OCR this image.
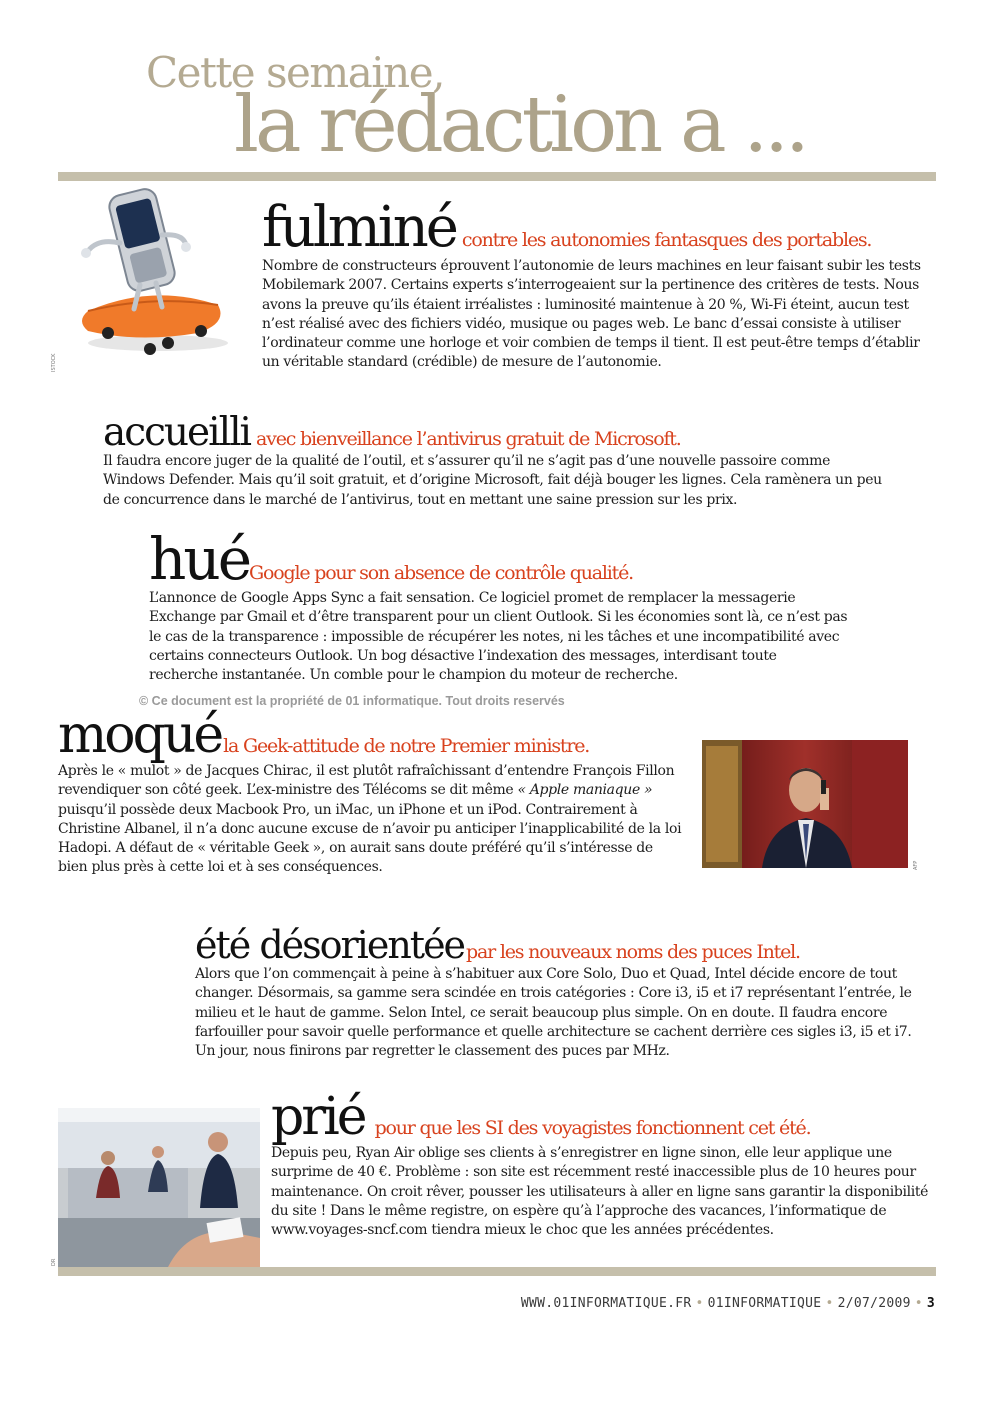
Cette semaine,
la rédaction a ...
ISTOCK
fulminé contre les autonomies fantasques des portables.

Nombre de constructeurs éprouvent l’autonomie de leurs machines en leur faisant subir les tests Mobilemark 2007. Certains experts s’interrogeaient sur la pertinence des critères de tests. Nous avons la preuve qu’ils étaient irréalistes : luminosité maintenue à 20 %, Wi-Fi éteint, aucun test n’est réalisé avec des fichiers vidéo, musique ou pages web. Le banc d’essai consiste à utiliser l’ordinateur comme une horloge et voir combien de temps il tient. Il est peut-être temps d’établir un véritable standard (crédible) de mesure de l’autonomie.

accueilli avec bienveillance l’antivirus gratuit de Microsoft.

Il faudra encore juger de la qualité de l’outil, et s’assurer qu’il ne s’agit pas d’une nouvelle passoire comme Windows Defender. Mais qu’il soit gratuit, et d’origine Microsoft, fait déjà bouger les lignes. Cela ramènera un peu de concurrence dans le marché de l’antivirus, tout en mettant une saine pression sur les prix.

huéGoogle pour son absence de contrôle qualité.

L’annonce de Google Apps Sync a fait sensation. Ce logiciel promet de remplacer la messagerie Exchange par Gmail et d’être transparent pour un client Outlook. Si les économies sont là, ce n’est pas le cas de la transparence : impossible de récupérer les notes, ni les tâches et une incompatibilité avec certains connecteurs Outlook. Un bog désactive l’indexation des messages, interdisant toute recherche instantanée. Un comble pour le champion du moteur de recherche.

© Ce document est la propriété de 01 informatique. Tout droits reservés
moqué la Geek-attitude de notre Premier ministre.

Après le « mulot » de Jacques Chirac, il est plutôt rafraîchissant d’entendre François Fillon revendiquer son côté geek. L’ex-ministre des Télécoms se dit même « Apple maniaque » puisqu’il possède deux Macbook Pro, un iMac, un iPhone et un iPod. Contrairement à Christine Albanel, il n’a donc aucune excuse de n’avoir pu anticiper l’inapplicabilité de la loi Hadopi. A défaut de « véritable Geek », on aurait sans doute préféré qu’il s’intéresse de bien plus près à cette loi et à ses conséquences.	AFP
été désorientée par les nouveaux noms des puces Intel.

Alors que l’on commençait à peine à s’habituer aux Core Solo, Duo et Quad, Intel décide encore de tout changer. Désormais, sa gamme sera scindée en trois catégories : Core i3, i5 et i7 représentant l’entrée, le milieu et le haut de gamme. Selon Intel, ce serait beaucoup plus simple. On en doute. Il faudra encore farfouiller pour savoir quelle performance et quelle architecture se cachent derrière ces sigles i3, i5 et i7. Un jour, nous finirons par regretter le classement des puces par MHz.

DR
prié pour que les SI des voyagistes fonctionnent cet été.

Depuis peu, Ryan Air oblige ses clients à s’enregistrer en ligne sinon, elle leur applique une surprime de 40 €. Problème : son site est récemment resté inaccessible plus de 10 heures pour maintenance. On croit rêver, pousser les utilisateurs à aller en ligne sans garantir la disponibilité du site ! Dans le même registre, on espère qu’à l’approche des vacances, l’informatique de www.voyages-sncf.com tiendra mieux le choc que les années précédentes.

WWW.01INFORMATIQUE.FR • 01INFORMATIQUE • 2/07/2009 • 3
